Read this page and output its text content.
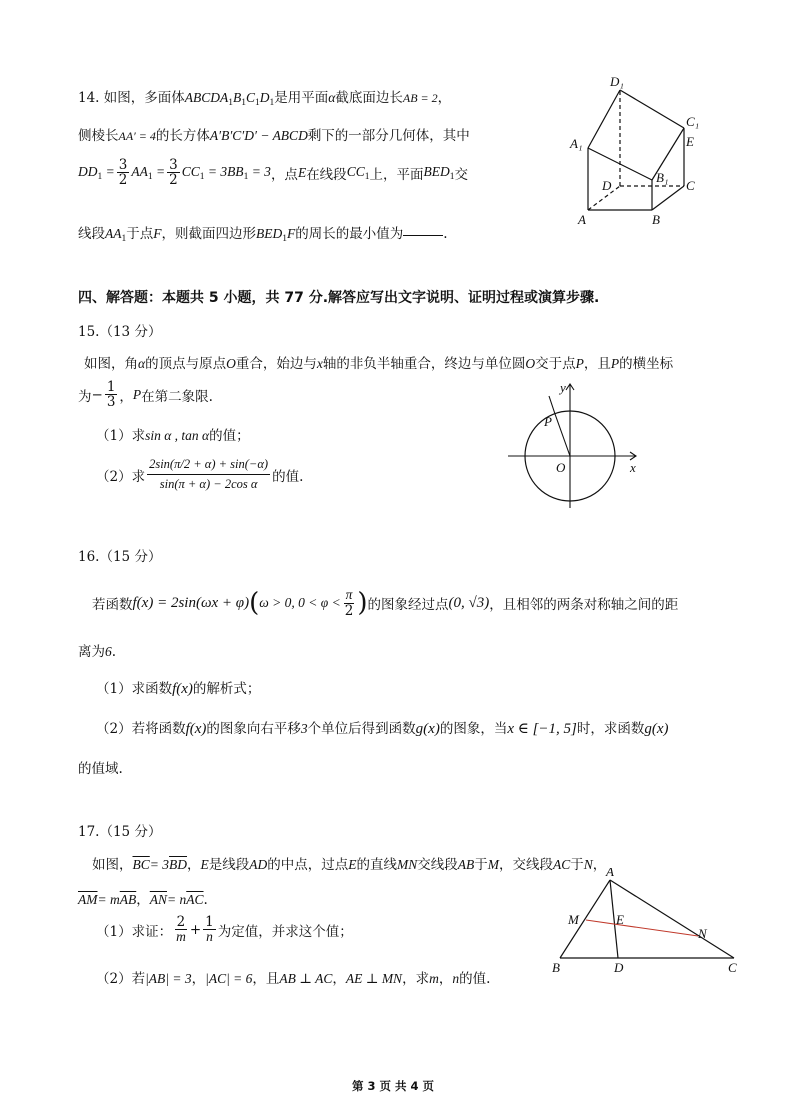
14. 如图，多面体$ABCDA_1B_1C_1D_1$是用平面α截底面边长AB = 2，
侧棱长AA′ = 4的长方体A′B′C′D′ − ABCD剩下的一部分几何体，其中
$DD_1 = \frac{3}{2} AA_1 = \frac{3}{2} CC_1 = 3BB_1 = 3$ ，点 E 在线段 $CC_1$ 上，平面 $BED_1$ 交
线段$AA_1$于点F，则截面四边形$BED_1F$的周长的最小值为	.
D₁
C₁
E
A₁
B₁
D	C
A	B
四、解答题：本题共 5 小题，共 77 分.解答应写出文字说明、证明过程或演算步骤.
15.（13 分）
如图，角α的顶点与原点O重合，始边与x轴的非负半轴重合，终边与单位圆O交于点P，且P的横坐标
为 − $\frac{1}{3}$ ， P 在第二象限.
（1）求sin α , tan α的值；
（2）求 $\frac{2\sin(\pi/2 + \alpha) + \sin(-\alpha)}{\text{sin(π + α) − 2cos α}}$ 的值.
y
x
P
O
16.（15 分）
若函数 f(x) = 2sin(ωx + φ) ( ω > 0, $0 < \varphi < \frac{\pi}{2}$ ) 的图象经过点 (0, √3) ，且相邻的两条对称轴之间的距
离为6.
（1）求函数f(x)的解析式；
（2）若将函数f(x)的图象向右平移3个单位后得到函数g(x)的图象，当x ∈ [−1, 5]时，求函数g(x)
的值域.
17.（15 分）
如图，$\overline{BC}= 3\overline{BD}$，E是线段AD的中点，过点E的直线MN交线段AB于M，交线段AC于N，
$\overline{AM}= m\overline{AB}$，$\overline{AN}= n\overline{AC}$.
（1）求证： $\frac{2}{m} + \frac{1}{n}$ 为定值，并求这个值；
（2）若|AB| = 3，|AC| = 6，且AB ⊥ AC，AE ⊥ MN，求m，n的值.
A
M	E
N
B	D	C
第 3 页 共 4 页
